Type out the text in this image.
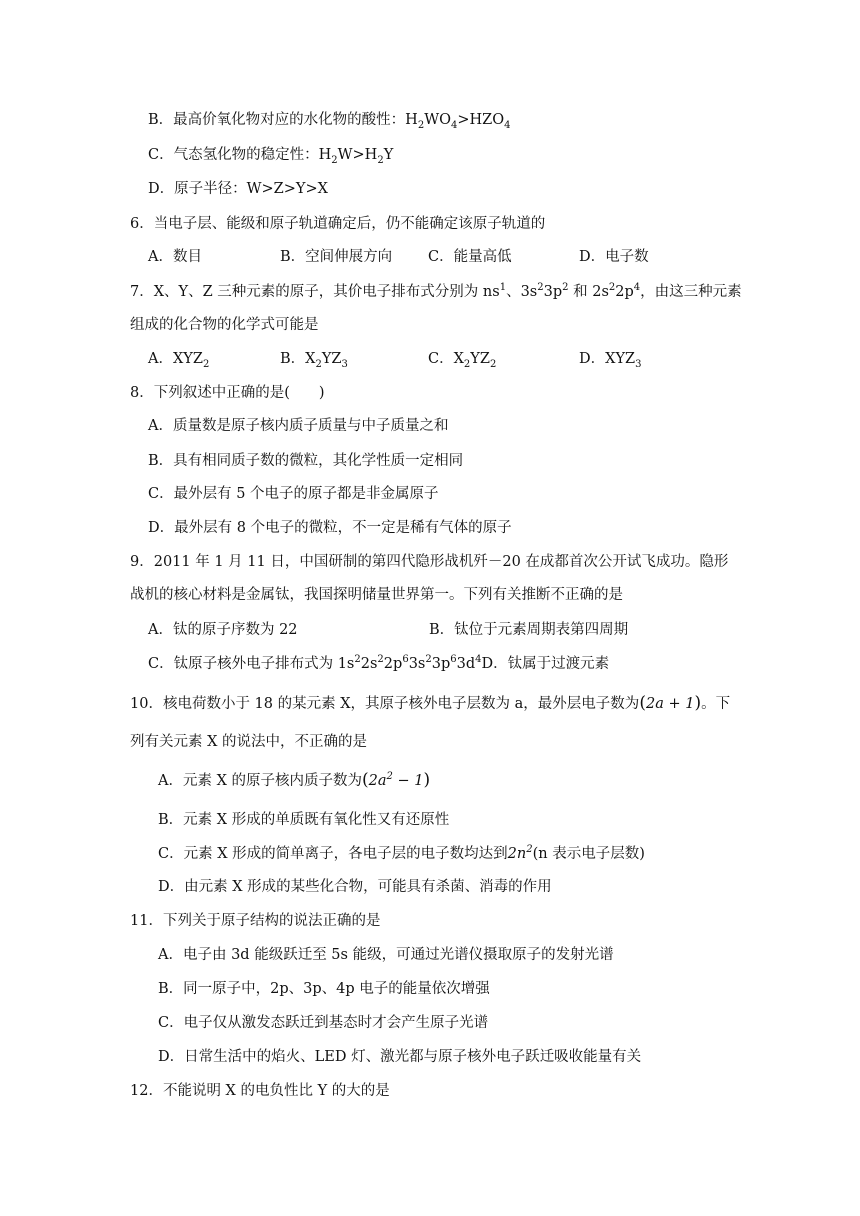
B．最高价氧化物对应的水化物的酸性：$H_2WO_4>HZO_4$
C．气态氢化物的稳定性：$H_2W>H_2Y$
D．原子半径：W>Z>Y>X
6．当电子层、能级和原子轨道确定后，仍不能确定该原子轨道的
A．数目	B．空间伸展方向	C．能量高低	D．电子数
7．X、Y、Z 三种元素的原子，其价电子排布式分别为 $ns^1$、$3s^23p^2$ 和 $2s^22p^4$，由这三种元素
组成的化合物的化学式可能是
A．$XYZ_2$	B．$X_2YZ_3$	C．$X_2YZ_2$	D．$XYZ_3$
8．下列叙述中正确的是(　　)
A．质量数是原子核内质子质量与中子质量之和
B．具有相同质子数的微粒，其化学性质一定相同
C．最外层有 5 个电子的原子都是非金属原子
D．最外层有 8 个电子的微粒，不一定是稀有气体的原子
9．2011 年 1 月 11 日，中国研制的第四代隐形战机歼－20 在成都首次公开试飞成功。隐形
战机的核心材料是金属钛，我国探明储量世界第一。下列有关推断不正确的是
A．钛的原子序数为 22	B．钛位于元素周期表第四周期
C．钛原子核外电子排布式为 $1s^22s^22p^63s^23p^63d^4D$．钛属于过渡元素
10．核电荷数小于 18 的某元素 X，其原子核外电子层数为 a，最外层电子数为(2a + 1)。下
列有关元素 X 的说法中，不正确的是
A．元素 X 的原子核内质子数为$(2a^2 - 1)$
B．元素 X 形成的单质既有氧化性又有还原性
C．元素 X 形成的简单离子，各电子层的电子数均达到$2n^2(n$ 表示电子层数)
D．由元素 X 形成的某些化合物，可能具有杀菌、消毒的作用
11．下列关于原子结构的说法正确的是
A．电子由 3d 能级跃迁至 5s 能级，可通过光谱仪摄取原子的发射光谱
B．同一原子中，2p、3p、4p 电子的能量依次增强
C．电子仅从激发态跃迁到基态时才会产生原子光谱
D．日常生活中的焰火、LED 灯、激光都与原子核外电子跃迁吸收能量有关
12．不能说明 X 的电负性比 Y 的大的是
